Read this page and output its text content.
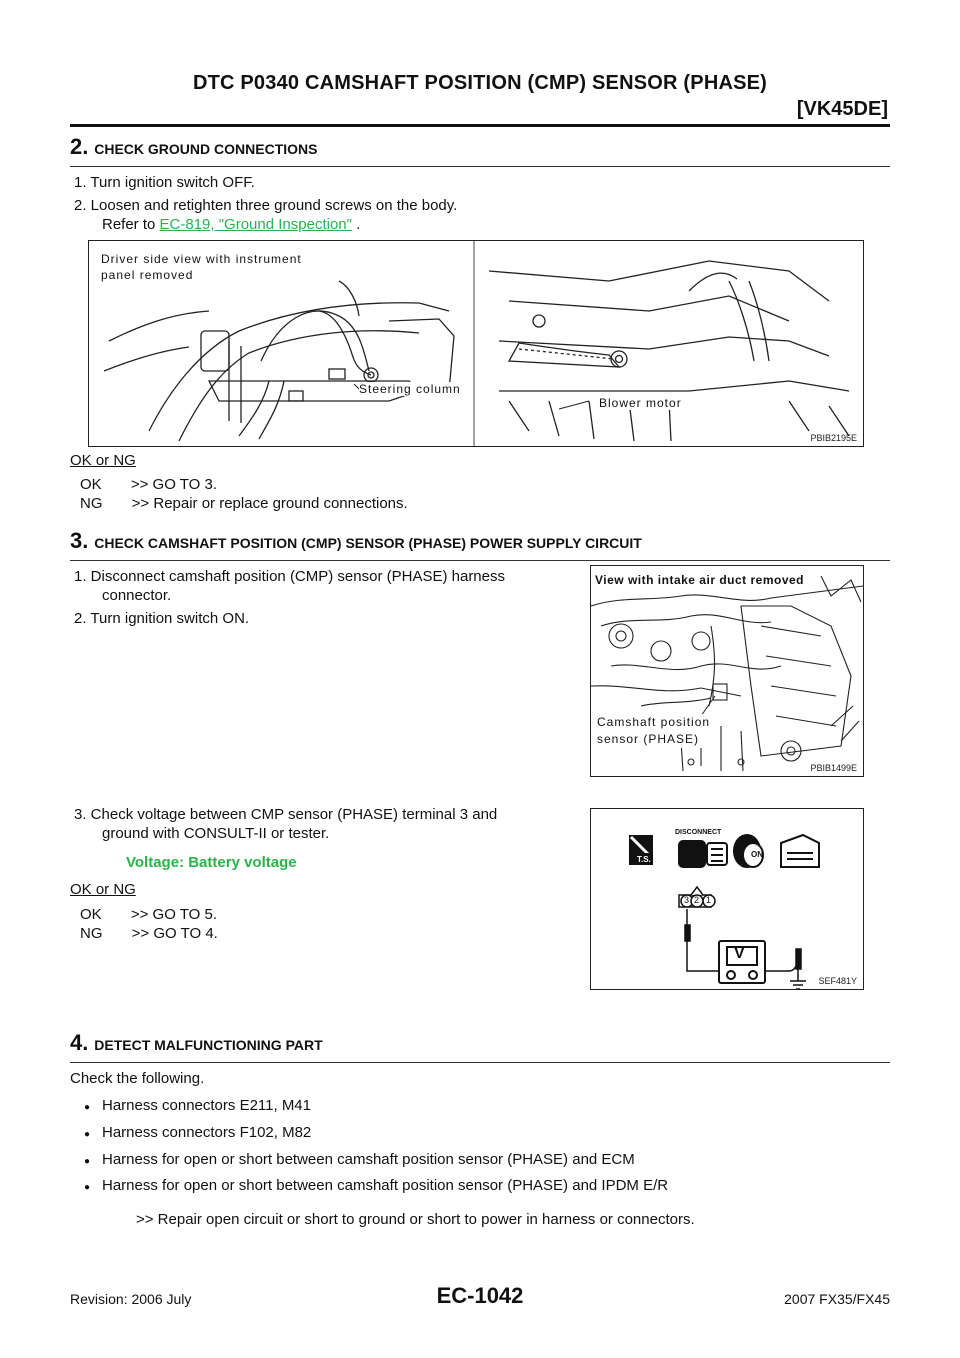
DTC P0340 CAMSHAFT POSITION (CMP) SENSOR (PHASE)
[VK45DE]
2. CHECK GROUND CONNECTIONS
1. Turn ignition switch OFF.
2. Loosen and retighten three ground screws on the body.
Refer to EC-819, "Ground Inspection" .
Driver side view with instrument
panel removed
Steering column
Blower motor
PBIB2195E
OK or NG
OK       >> GO TO 3.
NG       >> Repair or replace ground connections.
3. CHECK CAMSHAFT POSITION (CMP) SENSOR (PHASE) POWER SUPPLY CIRCUIT
1. Disconnect camshaft position (CMP) sensor (PHASE) harness
connector.
2. Turn ignition switch ON.
View with intake air duct removed
Camshaft position
sensor (PHASE)
PBIB1499E
3. Check voltage between CMP sensor (PHASE) terminal 3 and
ground with CONSULT-II or tester.
Voltage: Battery voltage
DISCONNECT
T.S.
ON
3 2 1
V
SEF481Y
OK or NG
OK       >> GO TO 5.
NG       >> GO TO 4.
4. DETECT MALFUNCTIONING PART
Check the following.
● Harness connectors E211, M41
● Harness connectors F102, M82
● Harness for open or short between camshaft position sensor (PHASE) and ECM
● Harness for open or short between camshaft position sensor (PHASE) and IPDM E/R
>> Repair open circuit or short to ground or short to power in harness or connectors.
Revision: 2006 July	EC-1042	2007 FX35/FX45
